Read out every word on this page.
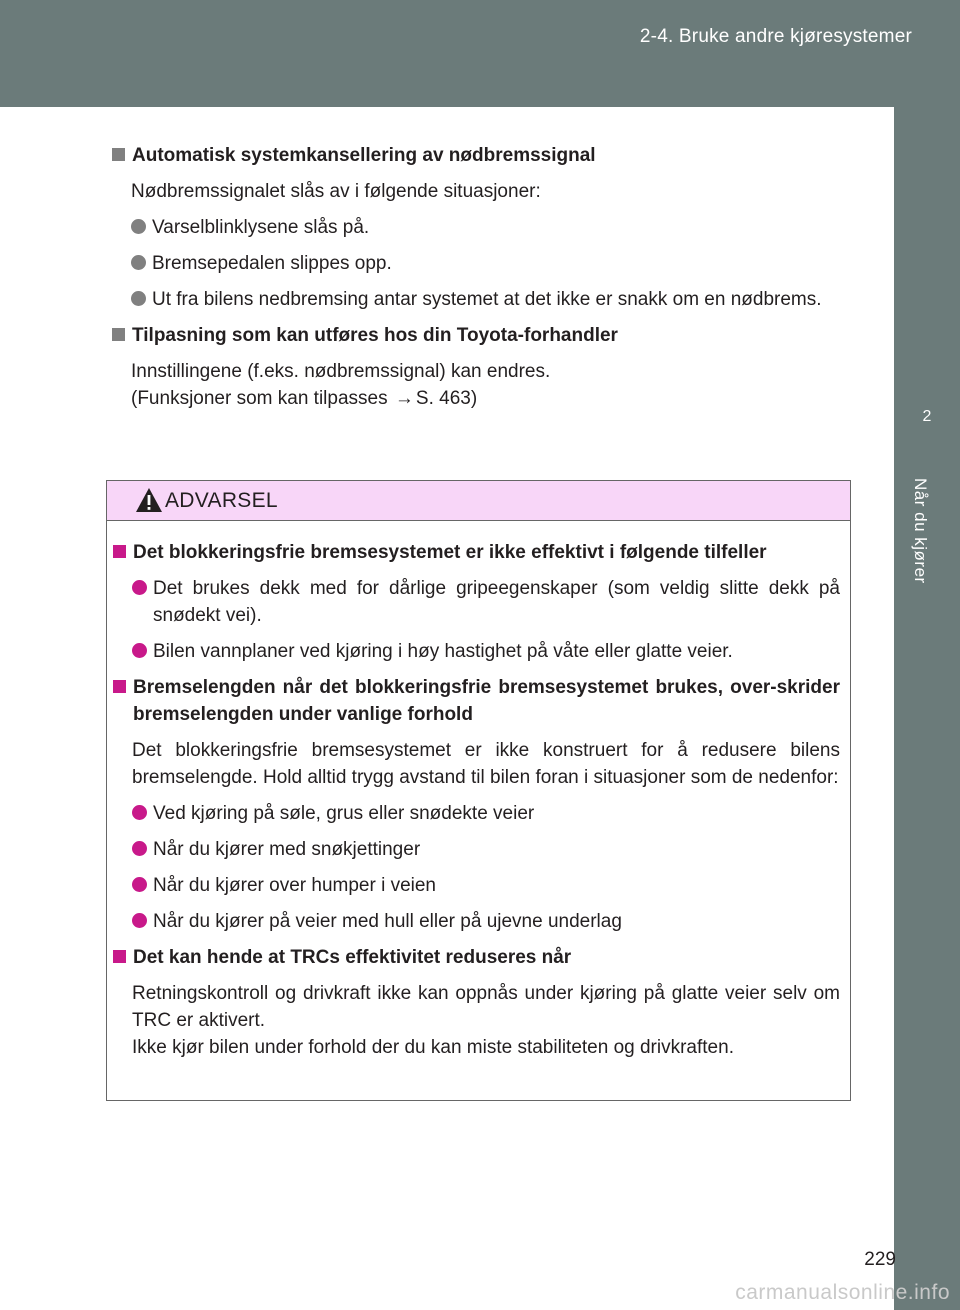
2-4. Bruke andre kjøresystemer
2
Når du kjører
Automatisk systemkansellering av nødbremssignal
Nødbremssignalet slås av i følgende situasjoner:
Varselblinklysene slås på.
Bremsepedalen slippes opp.
Ut fra bilens nedbremsing antar systemet at det ikke er snakk om en nødbrems.
Tilpasning som kan utføres hos din Toyota-forhandler
Innstillingene (f.eks. nødbremssignal) kan endres.
(Funksjoner som kan tilpasses → S. 463)
ADVARSEL
Det blokkeringsfrie bremsesystemet er ikke effektivt i følgende tilfeller
Det brukes dekk med for dårlige gripeegenskaper (som veldig slitte dekk på snødekt vei).
Bilen vannplaner ved kjøring i høy hastighet på våte eller glatte veier.
Bremselengden når det blokkeringsfrie bremsesystemet brukes, over-skrider bremselengden under vanlige forhold
Det blokkeringsfrie bremsesystemet er ikke konstruert for å redusere bilens bremselengde. Hold alltid trygg avstand til bilen foran i situasjoner som de nedenfor:
Ved kjøring på søle, grus eller snødekte veier
Når du kjører med snøkjettinger
Når du kjører over humper i veien
Når du kjører på veier med hull eller på ujevne underlag
Det kan hende at TRCs effektivitet reduseres når
Retningskontroll og drivkraft ikke kan oppnås under kjøring på glatte veier selv om TRC er aktivert.
Ikke kjør bilen under forhold der du kan miste stabiliteten og drivkraften.
229
carmanualsonline.info
